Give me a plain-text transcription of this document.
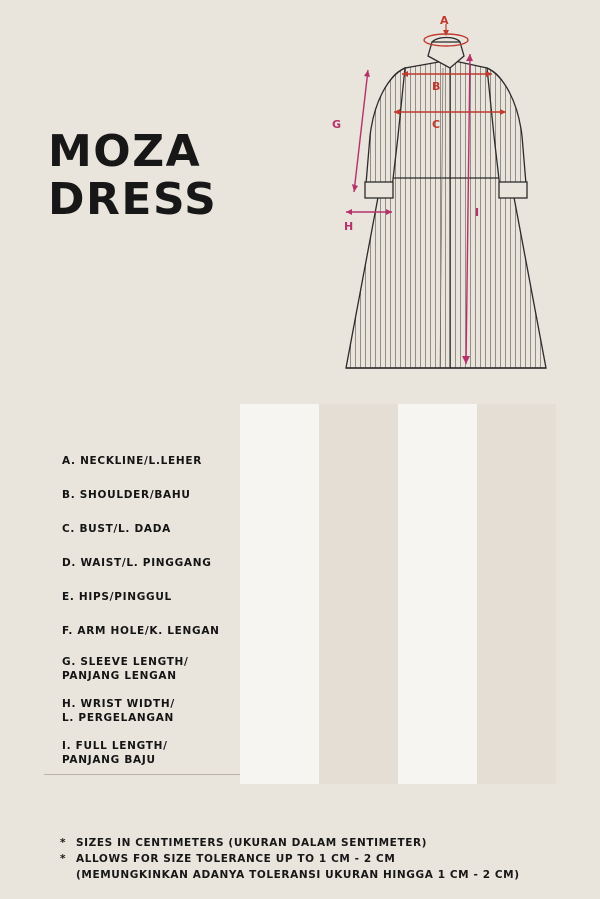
MOZA
DRESS
A
B
C
G
H
I

A. NECKLINE/L.LEHER				
B. SHOULDER/BAHU				
C. BUST/L. DADA				
D. WAIST/L. PINGGANG				
E. HIPS/PINGGUL				
F. ARM HOLE/K. LENGAN				
G. SLEEVE LENGTH/
PANJANG LENGAN				
H. WRIST WIDTH/
L. PERGELANGAN				
I. FULL LENGTH/
PANJANG BAJU				
* SIZES IN CENTIMETERS (UKURAN DALAM SENTIMETER)
* ALLOWS FOR SIZE TOLERANCE UP TO 1 CM - 2 CM
(MEMUNGKINKAN ADANYA TOLERANSI UKURAN HINGGA 1 CM - 2 CM)
